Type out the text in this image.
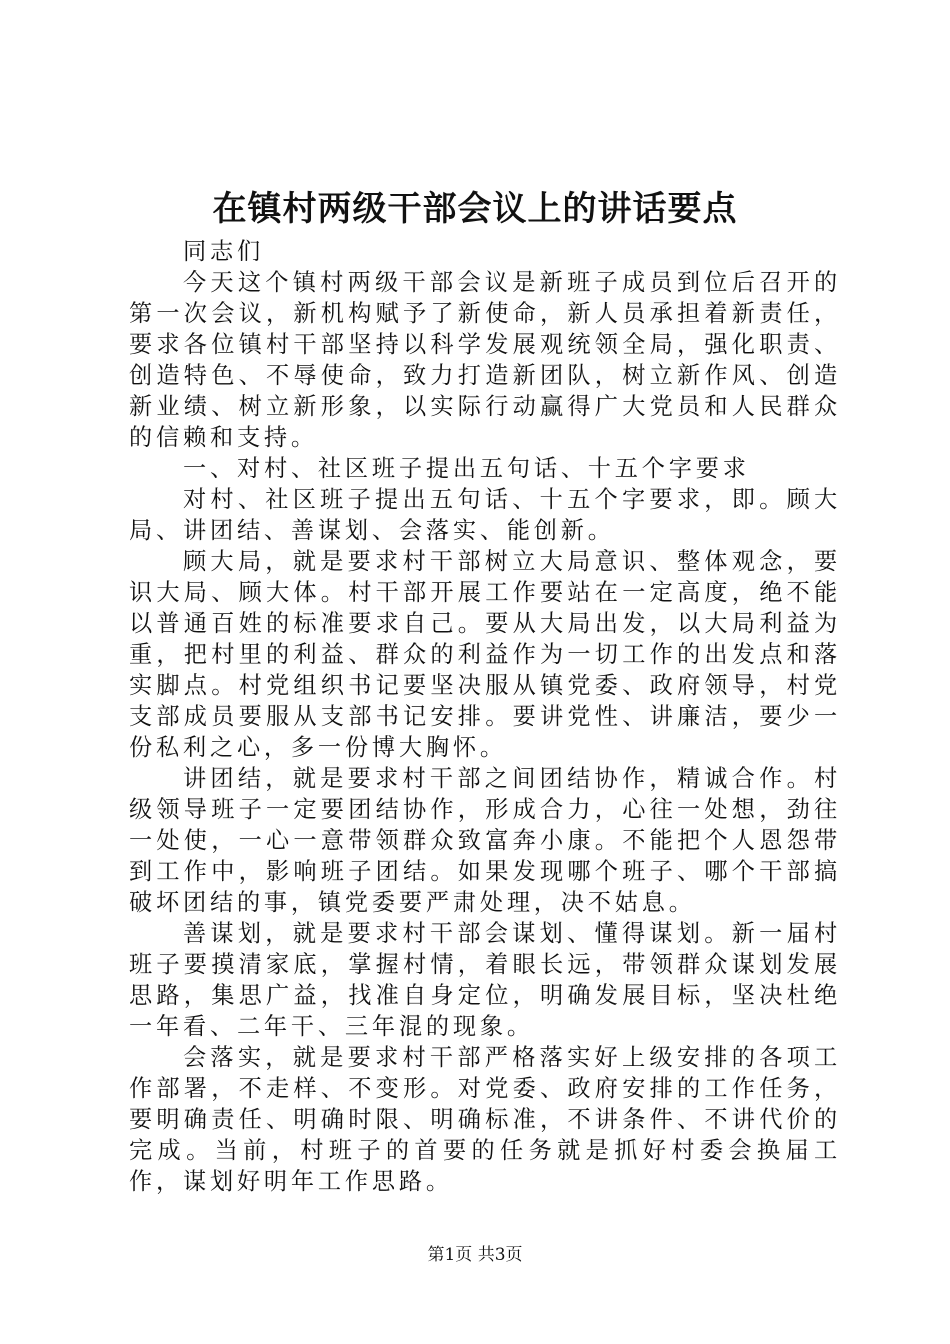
在镇村两级干部会议上的讲话要点

同志们

今天这个镇村两级干部会议是新班子成员到位后召开的第一次会议，新机构赋予了新使命，新人员承担着新责任，要求各位镇村干部坚持以科学发展观统领全局，强化职责、创造特色、不辱使命，致力打造新团队，树立新作风、创造新业绩、树立新形象，以实际行动赢得广大党员和人民群众的信赖和支持。

一、对村、社区班子提出五句话、十五个字要求

对村、社区班子提出五句话、十五个字要求，即。顾大局、讲团结、善谋划、会落实、能创新。

顾大局，就是要求村干部树立大局意识、整体观念，要识大局、顾大体。村干部开展工作要站在一定高度，绝不能以普通百姓的标准要求自己。要从大局出发，以大局利益为重，把村里的利益、群众的利益作为一切工作的出发点和落实脚点。村党组织书记要坚决服从镇党委、政府领导，村党支部成员要服从支部书记安排。要讲党性、讲廉洁，要少一份私利之心，多一份博大胸怀。

讲团结，就是要求村干部之间团结协作，精诚合作。村级领导班子一定要团结协作，形成合力，心往一处想，劲往一处使，一心一意带领群众致富奔小康。不能把个人恩怨带到工作中，影响班子团结。如果发现哪个班子、哪个干部搞破坏团结的事，镇党委要严肃处理，决不姑息。

善谋划，就是要求村干部会谋划、懂得谋划。新一届村班子要摸清家底，掌握村情，着眼长远，带领群众谋划发展思路，集思广益，找准自身定位，明确发展目标，坚决杜绝一年看、二年干、三年混的现象。

会落实，就是要求村干部严格落实好上级安排的各项工作部署，不走样、不变形。对党委、政府安排的工作任务，要明确责任、明确时限、明确标准，不讲条件、不讲代价的完成。当前，村班子的首要的任务就是抓好村委会换届工作，谋划好明年工作思路。

第1页 共3页
